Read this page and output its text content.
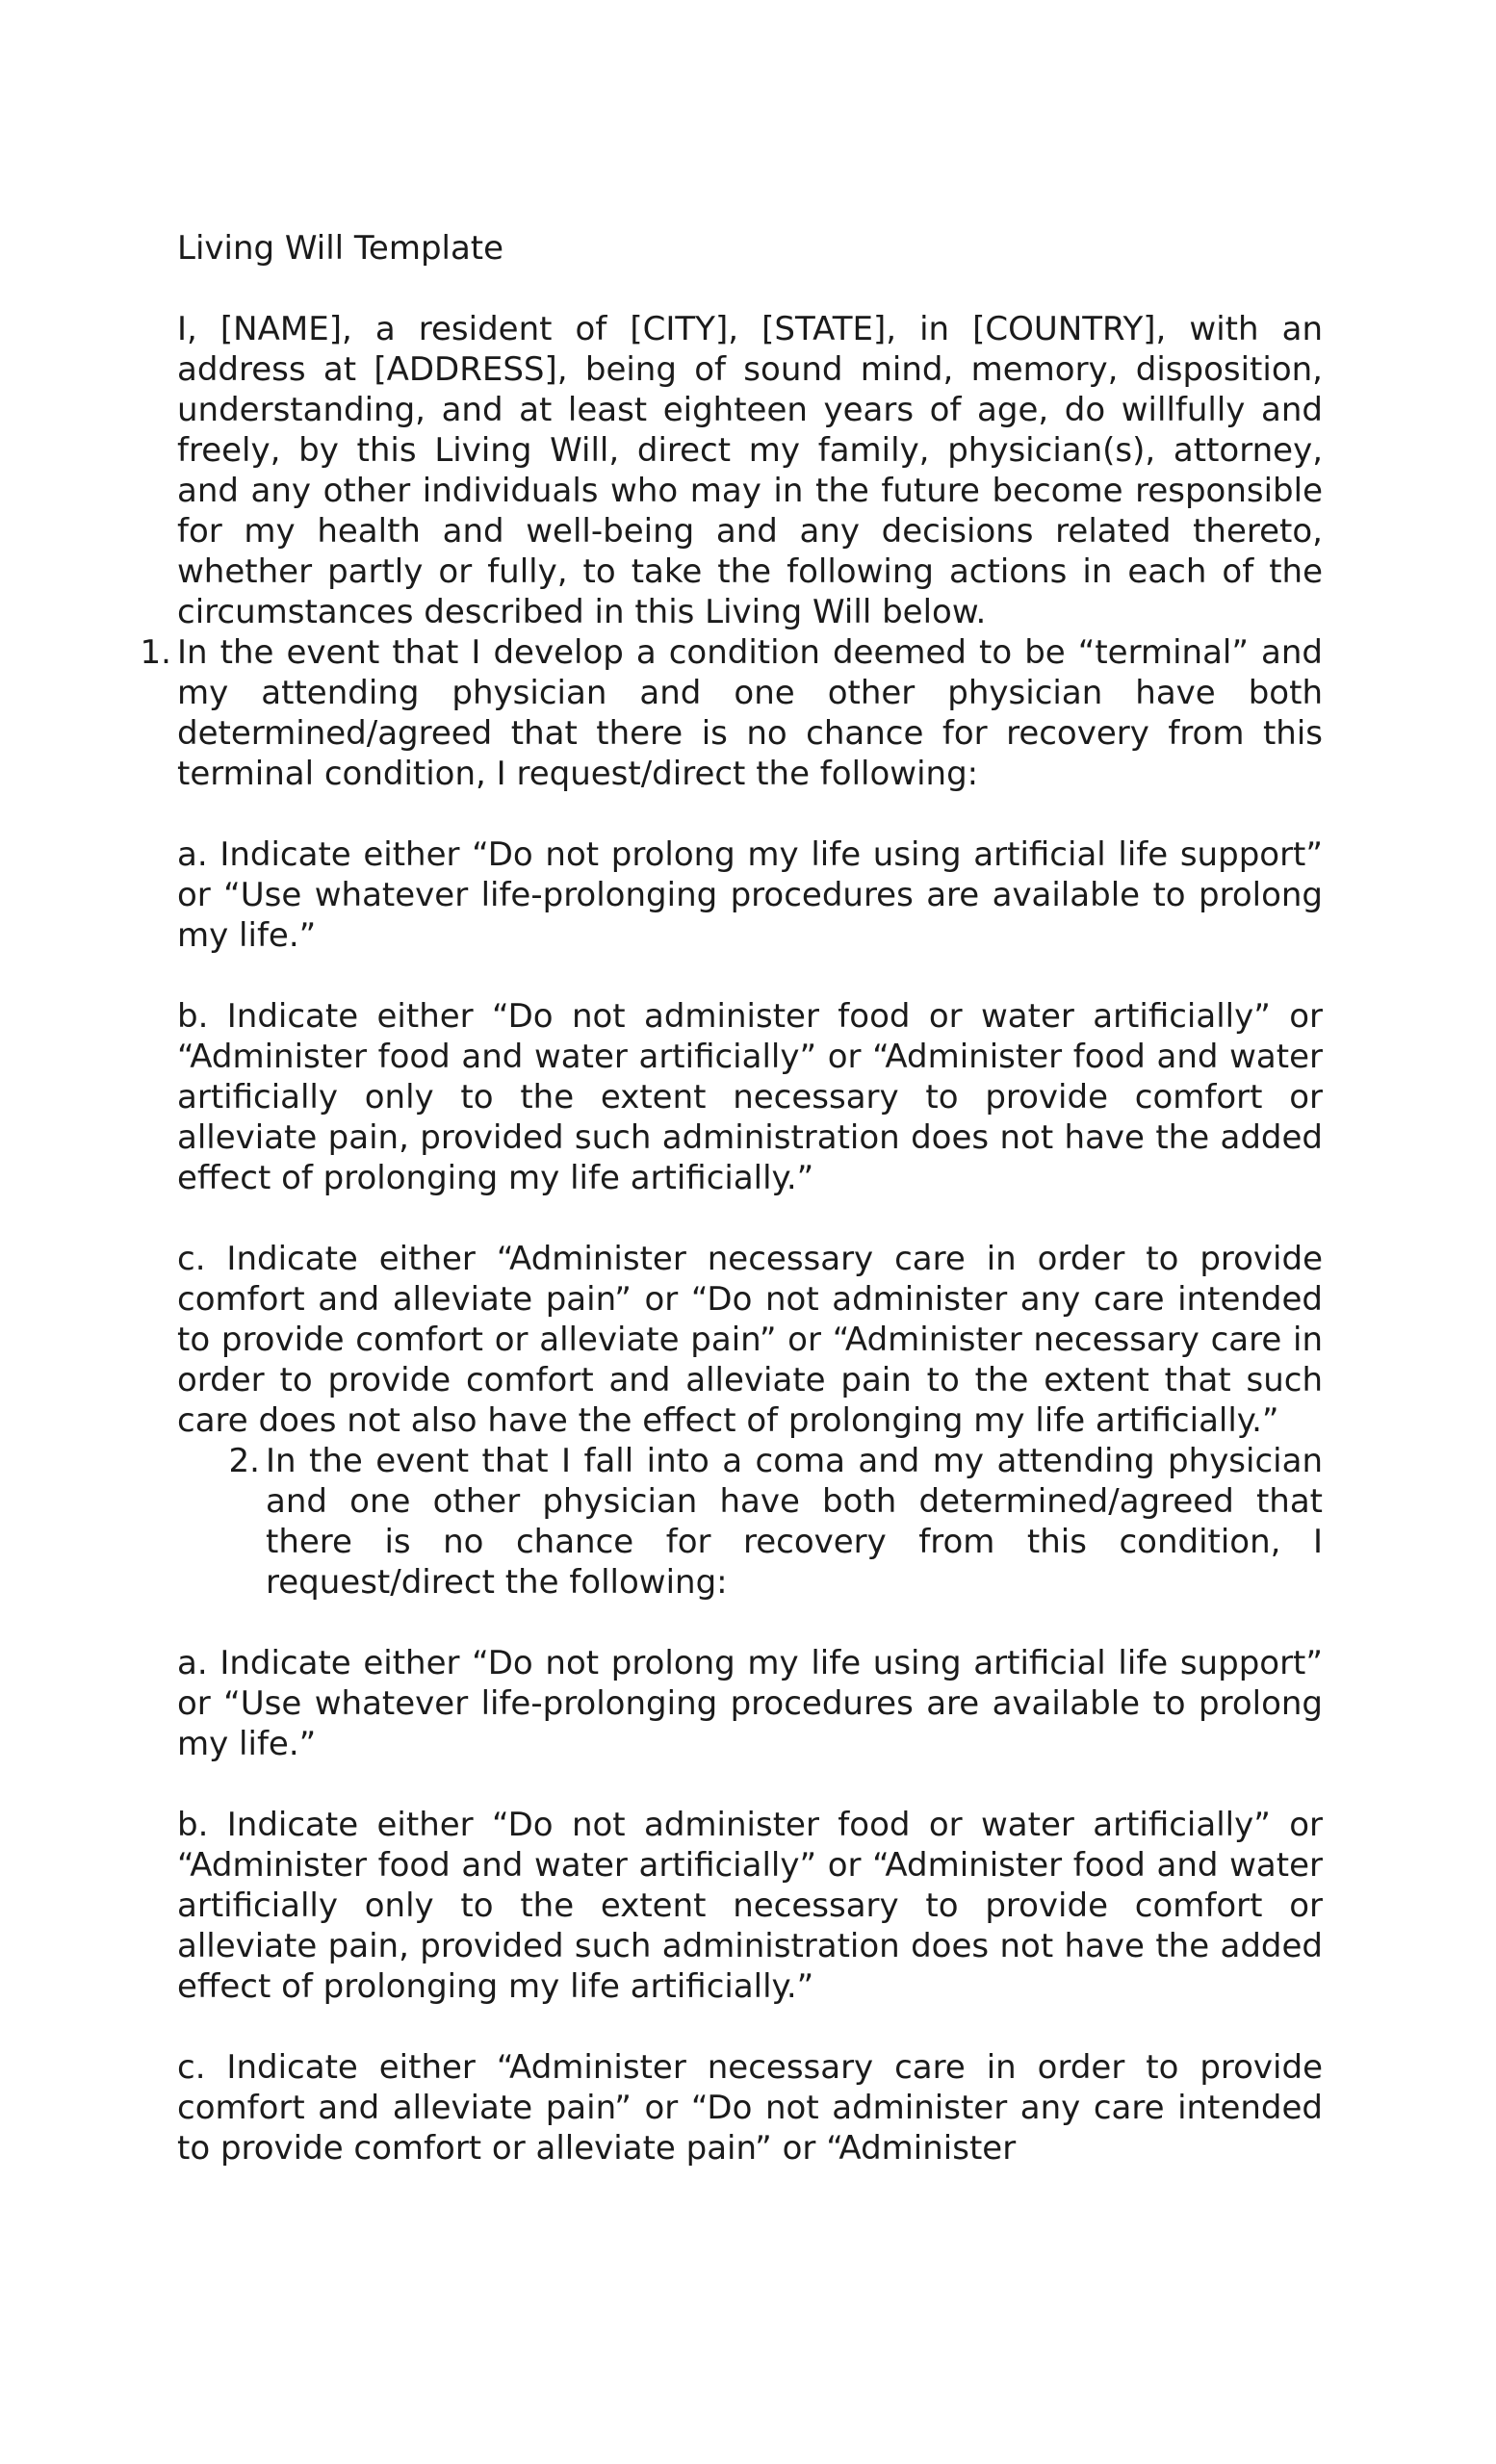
Living Will Template

I, [NAME], a resident of [CITY], [STATE], in [COUNTRY], with an address at [ADDRESS], being of sound mind, memory, disposition, understanding, and at least eighteen years of age, do willfully and freely, by this Living Will, direct my family, physician(s), attorney, and any other individuals who may in the future become responsible for my health and well-being and any decisions related thereto, whether partly or fully, to take the following actions in each of the circumstances described in this Living Will below.

1. In the event that I develop a condition deemed to be “terminal” and my attending physician and one other physician have both determined/agreed that there is no chance for recovery from this terminal condition, I request/direct the following:

a. Indicate either “Do not prolong my life using artificial life support” or “Use whatever life-prolonging procedures are available to prolong my life.”

b. Indicate either “Do not administer food or water artificially” or “Administer food and water artificially” or “Administer food and water artificially only to the extent necessary to provide comfort or alleviate pain, provided such administration does not have the added effect of prolonging my life artificially.”

c. Indicate either “Administer necessary care in order to provide comfort and alleviate pain” or “Do not administer any care intended to provide comfort or alleviate pain” or “Administer necessary care in order to provide comfort and alleviate pain to the extent that such care does not also have the effect of prolonging my life artificially.”

2. In the event that I fall into a coma and my attending physician and one other physician have both determined/agreed that there is no chance for recovery from this condition, I request/direct the following:

a. Indicate either “Do not prolong my life using artificial life support” or “Use whatever life-prolonging procedures are available to prolong my life.”

b. Indicate either “Do not administer food or water artificially” or “Administer food and water artificially” or “Administer food and water artificially only to the extent necessary to provide comfort or alleviate pain, provided such administration does not have the added effect of prolonging my life artificially.”

c. Indicate either “Administer necessary care in order to provide comfort and alleviate pain” or “Do not administer any care intended to provide comfort or alleviate pain” or “Administer
